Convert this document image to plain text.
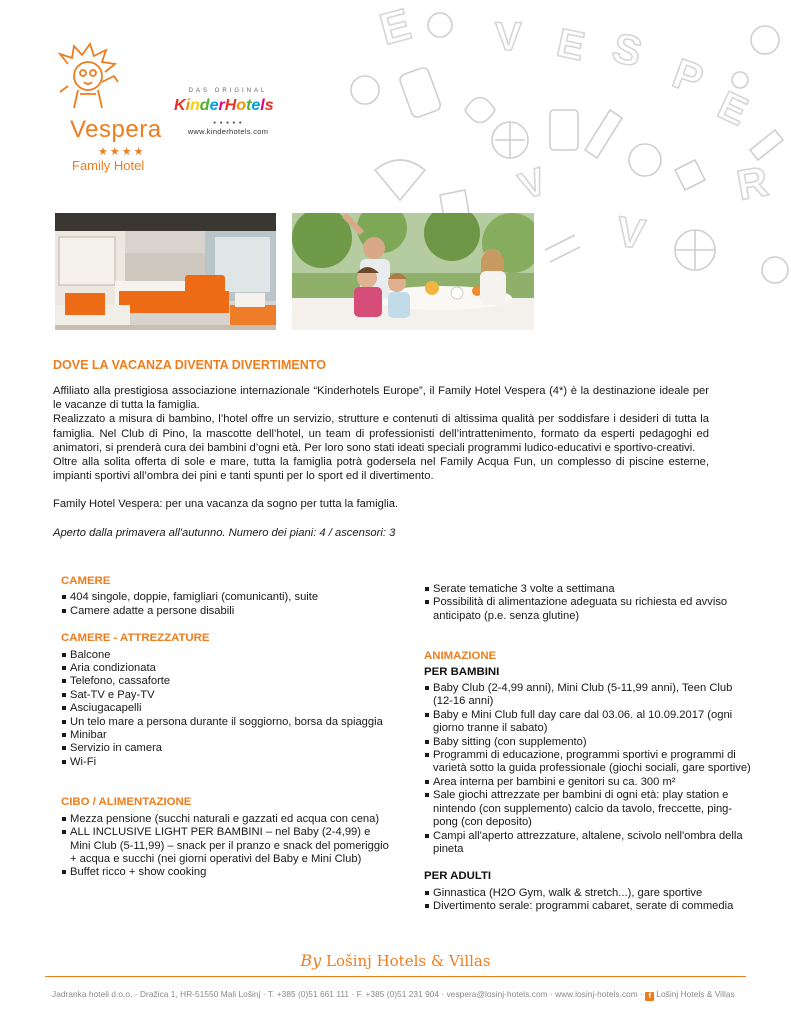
E V E S P
E
R
V
V
Vespera
★★★★
Family Hotel
DAS ORIGINAL
KinderHotels
● ● ● ● ●
www.kinderhotels.com
DOVE LA VACANZA DIVENTA DIVERTIMENTO
Affiliato alla prestigiosa associazione internazionale “Kinderhotels Europe”, il Family Hotel Vespera (4*) è la destinazione ideale per le vacanze di tutta la famiglia.
Realizzato a misura di bambino, l’hotel offre un servizio, strutture e contenuti di altissima qualità per soddisfare i desideri di tutta la famiglia. Nel Club di Pino, la mascotte dell’hotel, un team di professionisti dell’intrattenimento, formato da esperti pedagoghi ed animatori, si prenderà cura dei bambini d’ogni età. Per loro sono stati ideati speciali programmi ludico-educativi e sportivo-creativi.
Oltre alla solita offerta di sole e mare, tutta la famiglia potrà godersela nel Family Acqua Fun, un complesso di piscine esterne, impianti sportivi all’ombra dei pini e tanti spunti per lo sport ed il divertimento.
Family Hotel Vespera: per una vacanza da sogno per tutta la famiglia.
Aperto dalla primavera all'autunno. Numero dei piani: 4 / ascensori: 3
CAMERE
404 singole, doppie, famigliari (comunicanti), suite
Camere adatte a persone disabili
CAMERE - ATTREZZATURE
Balcone
Aria condizionata
Telefono, cassaforte
Sat-TV e Pay-TV
Asciugacapelli
Un telo mare a persona durante il soggiorno, borsa da spiaggia
Minibar
Servizio in camera
Wi-Fi
CIBO / ALIMENTAZIONE
Mezza pensione (succhi naturali e gazzati ed acqua con cena)
ALL INCLUSIVE LIGHT PER BAMBINI – nel Baby (2-4,99) e Mini Club (5-11,99) – snack per il pranzo e snack del pomeriggio + acqua e succhi (nei giorni operativi del Baby e Mini Club)
Buffet ricco + show cooking
Serate tematiche 3 volte a settimana
Possibilità di alimentazione adeguata su richiesta ed avviso anticipato (p.e. senza glutine)
ANIMAZIONE
PER BAMBINI
Baby Club (2-4,99 anni), Mini Club (5-11,99 anni), Teen Club (12-16 anni)
Baby e Mini Club full day care dal 03.06. al 10.09.2017 (ogni giorno tranne il sabato)
Baby sitting (con supplemento)
Programmi di educazione, programmi sportivi e programmi di varietà sotto la guida professionale (giochi sociali, gare sportive)
Area interna per bambini e genitori su ca. 300 m²
Sale giochi attrezzate per bambini di ogni età: play station e nintendo (con supplemento) calcio da tavolo, freccette, ping-pong (con deposito)
Campi all'aperto attrezzature, altalene, scivolo nell'ombra della pineta
PER ADULTI
Ginnastica (H2O Gym, walk & stretch...), gare sportive
Divertimento serale: programmi cabaret, serate di commedia
By Lošinj Hotels & Villas
Jadranka hoteli d.o.o. · Dražica 1, HR-51550 Mali Lošinj · T. +385 (0)51 661 111 · F. +385 (0)51 231 904 · vespera@losinj-hotels.com · www.losinj-hotels.com · f Lošinj Hotels & Villas
